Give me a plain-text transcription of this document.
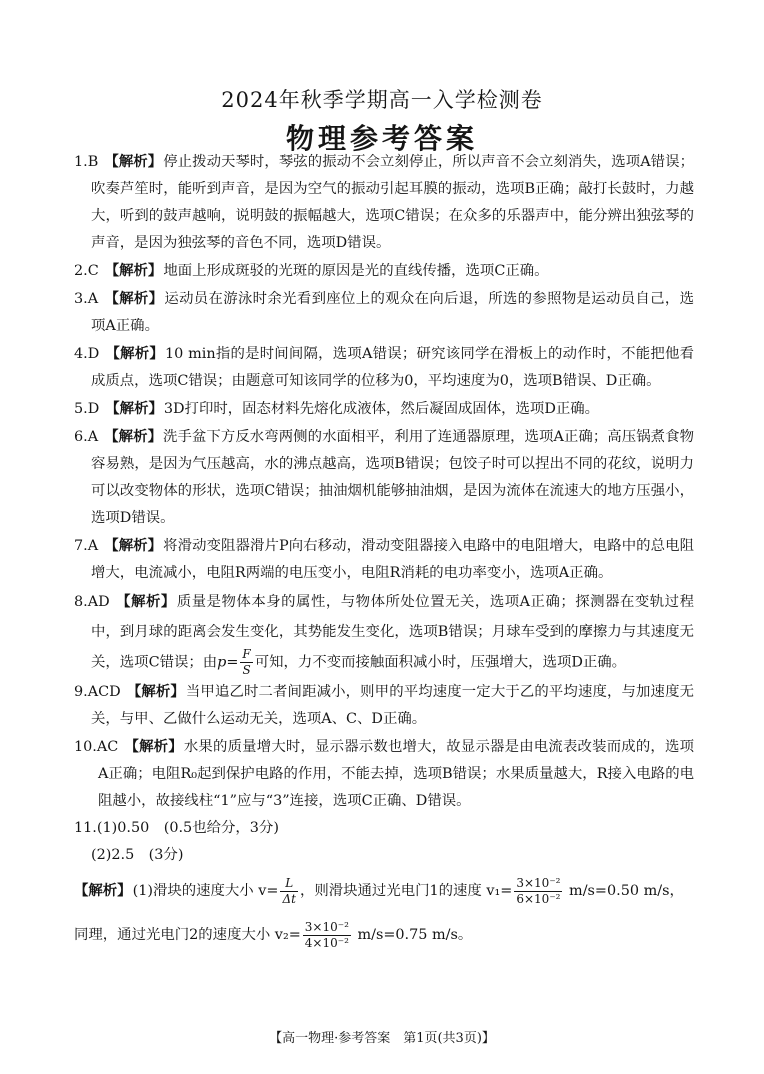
2024年秋季学期高一入学检测卷
物理参考答案

1.B 【解析】停止拨动天琴时，琴弦的振动不会立刻停止，所以声音不会立刻消失，选项A错误；吹奏芦笙时，能听到声音，是因为空气的振动引起耳膜的振动，选项B正确；敲打长鼓时，力越大，听到的鼓声越响，说明鼓的振幅越大，选项C错误；在众多的乐器声中，能分辨出独弦琴的声音，是因为独弦琴的音色不同，选项D错误。

2.C 【解析】地面上形成斑驳的光斑的原因是光的直线传播，选项C正确。

3.A 【解析】运动员在游泳时余光看到座位上的观众在向后退，所选的参照物是运动员自己，选项A正确。

4.D 【解析】10 min指的是时间间隔，选项A错误；研究该同学在滑板上的动作时，不能把他看成质点，选项C错误；由题意可知该同学的位移为0，平均速度为0，选项B错误、D正确。

5.D 【解析】3D打印时，固态材料先熔化成液体，然后凝固成固体，选项D正确。

6.A 【解析】洗手盆下方反水弯两侧的水面相平，利用了连通器原理，选项A正确；高压锅煮食物容易熟，是因为气压越高，水的沸点越高，选项B错误；包饺子时可以捏出不同的花纹，说明力可以改变物体的形状，选项C错误；抽油烟机能够抽油烟，是因为流体在流速大的地方压强小，选项D错误。

7.A 【解析】将滑动变阻器滑片P向右移动，滑动变阻器接入电路中的电阻增大，电路中的总电阻增大，电流减小，电阻R两端的电压变小，电阻R消耗的电功率变小，选项A正确。

8.AD 【解析】质量是物体本身的属性，与物体所处位置无关，选项A正确；探测器在变轨过程中，到月球的距离会发生变化，其势能发生变化，选项B错误；月球车受到的摩擦力与其速度无关，选项C错误；由$p= \frac{F}{S}$ 可知，力不变而接触面积减小时，压强增大，选项D正确。

9.ACD 【解析】当甲追乙时二者间距减小，则甲的平均速度一定大于乙的平均速度，与加速度无关，与甲、乙做什么运动无关，选项A、C、D正确。

10.AC 【解析】水果的质量增大时，显示器示数也增大，故显示器是由电流表改装而成的，选项A正确；电阻R₀起到保护电路的作用，不能去掉，选项B错误；水果质量越大，R接入电路的电阻越小，故接线柱“1”应与“3”连接，选项C正确、D错误。

11.(1)0.50　(0.5也给分，3分)

(2)2.5　(3分)

【解析】(1)滑块的速度大小 $v= \frac{L}{\Delta t}$ ，则滑块通过光电门1的速度 $v_1= \frac{\text{3×10⁻²}}{\text{6×10⁻²}} m/s=0.50$ m/s，

同理，通过光电门2的速度大小 $v_2= \frac{\text{3×10⁻²}}{\text{4×10⁻²}} m/s=0.75$ m/s。

【高一物理·参考答案　第1页(共3页)】
